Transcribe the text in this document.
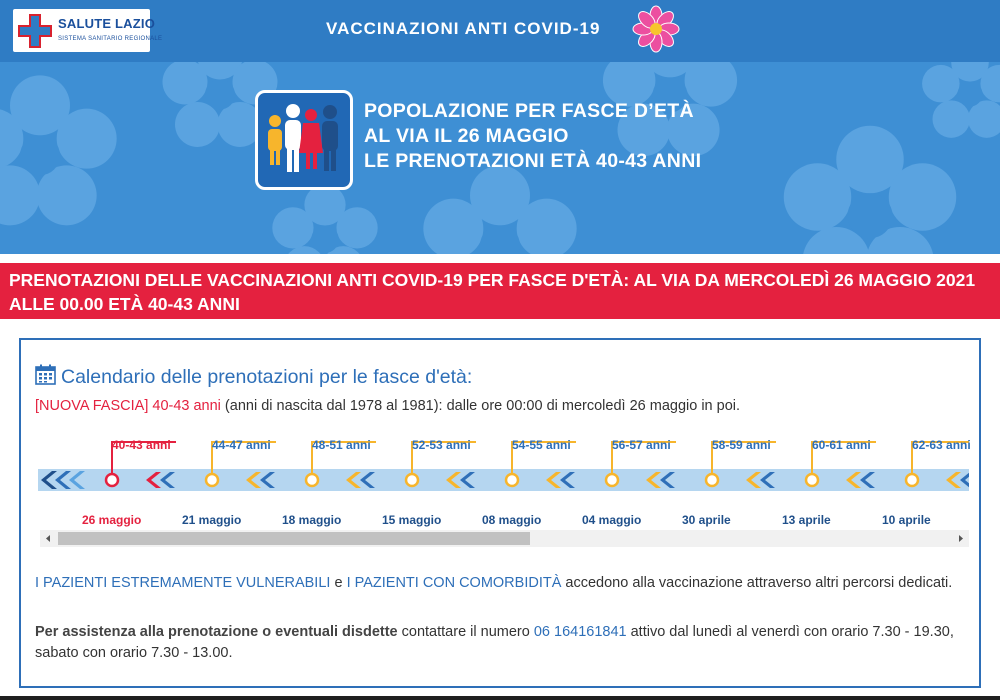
SALUTE LAZIO
SISTEMA SANITARIO REGIONALE
VACCINAZIONI ANTI COVID-19
POPOLAZIONE PER FASCE D’ETÀ
AL VIA IL 26 MAGGIO
LE PRENOTAZIONI ETÀ 40-43 ANNI
PRENOTAZIONI DELLE VACCINAZIONI ANTI COVID-19 PER FASCE D'ETÀ: AL VIA DA MERCOLEDÌ 26 MAGGIO 2021 ALLE 00.00 ETÀ 40-43 ANNI
Calendario delle prenotazioni per le fasce d'età:
[NUOVA FASCIA] 40-43 anni (anni di nascita dal 1978 al 1981): dalle ore 00:00 di mercoledì 26 maggio in poi.
40-43 anni
26 maggio
44-47 anni
21 maggio
48-51 anni
18 maggio
52-53 anni
15 maggio
54-55 anni
08 maggio
56-57 anni
04 maggio
58-59 anni
30 aprile
60-61 anni
13 aprile
62-63 anni
10 aprile
I PAZIENTI ESTREMAMENTE VULNERABILI e I PAZIENTI CON COMORBIDITÀ accedono alla vaccinazione attraverso altri percorsi dedicati.
Per assistenza alla prenotazione o eventuali disdette contattare il numero 06 164161841 attivo dal lunedì al venerdì con orario 7.30 - 19.30, sabato con orario 7.30 - 13.00.
